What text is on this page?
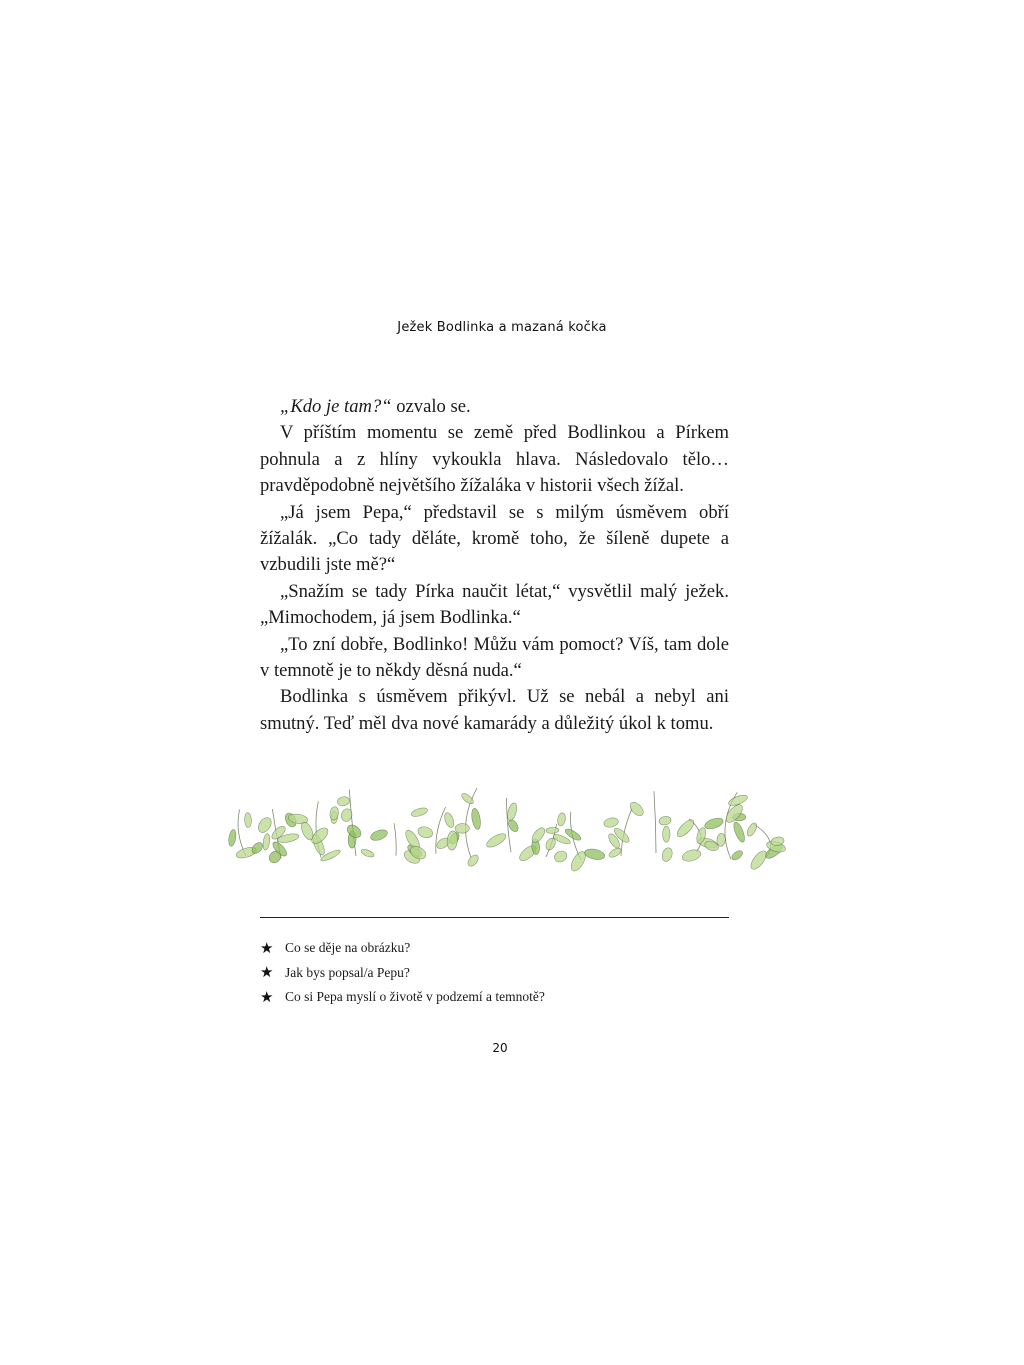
Ježek Bodlinka a mazaná kočka

„Kdo je tam?“ ozvalo se.

V příštím momentu se země před Bodlinkou a Pírkem pohnula a z hlíny vykoukla hlava. Následovalo tělo… pravděpodobně největšího žížaláka v historii všech žížal.

„Já jsem Pepa,“ představil se s milým úsměvem obří žížalák. „Co tady děláte, kromě toho, že šíleně dupete a vzbudili jste mě?“

„Snažím se tady Pírka naučit létat,“ vysvětlil malý ježek. „Mimochodem, já jsem Bodlinka.“

„To zní dobře, Bodlinko! Můžu vám pomoct? Víš, tam dole v temnotě je to někdy děsná nuda.“

Bodlinka s úsměvem přikývl. Už se nebál a nebyl ani smutný. Teď měl dva nové kamarády a důležitý úkol k tomu.

★ Co se děje na obrázku?
★ Jak bys popsal/a Pepu?
★ Co si Pepa myslí o životě v podzemí a temnotě?
20
